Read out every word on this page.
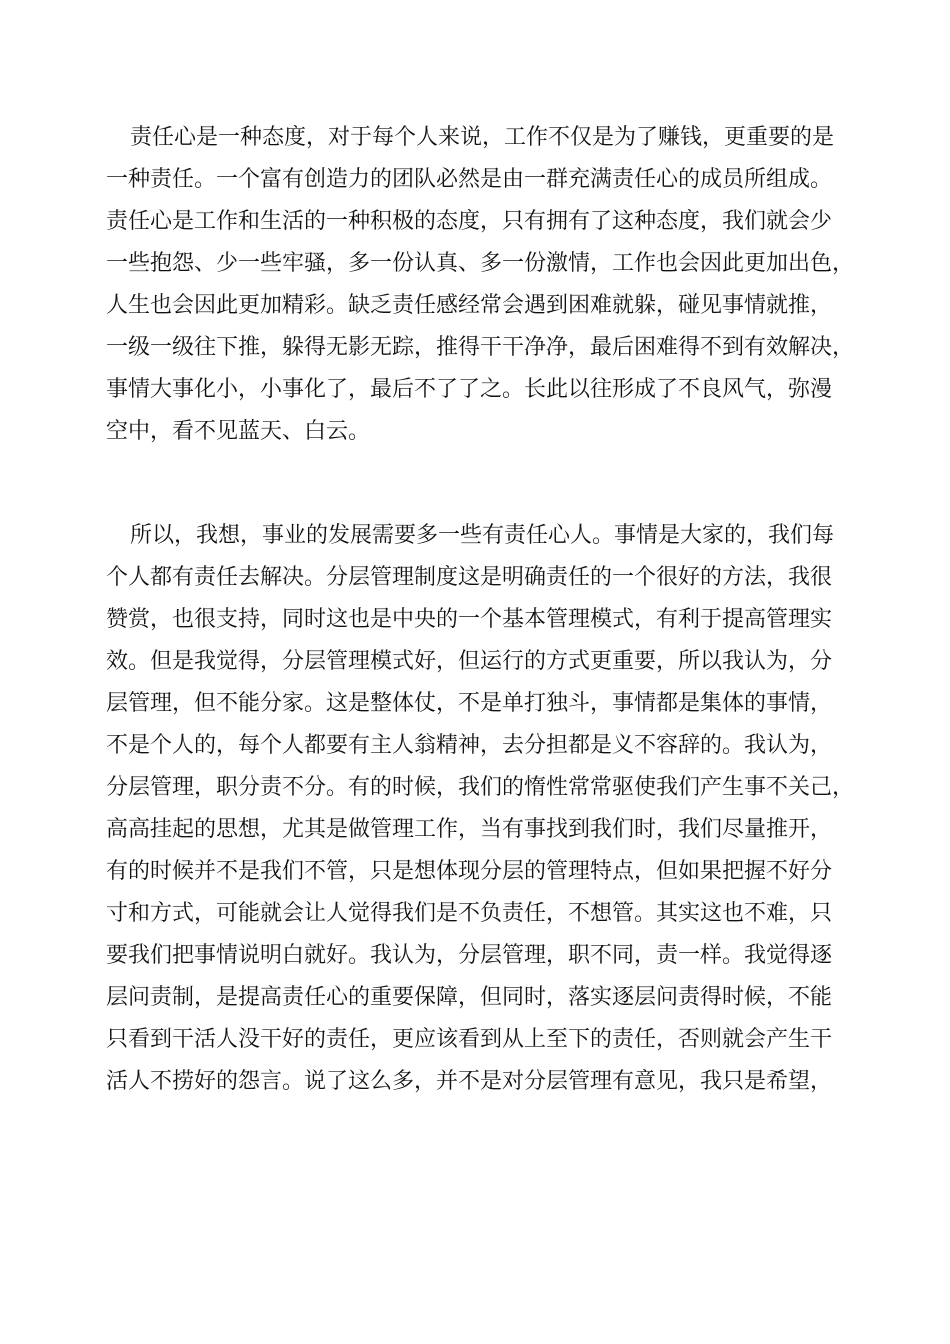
责任心是一种态度，对于每个人来说，工作不仅是为了赚钱，更重要的是
一种责任。一个富有创造力的团队必然是由一群充满责任心的成员所组成。
责任心是工作和生活的一种积极的态度，只有拥有了这种态度，我们就会少
一些抱怨、少一些牢骚，多一份认真、多一份激情，工作也会因此更加出色，
人生也会因此更加精彩。缺乏责任感经常会遇到困难就躲，碰见事情就推，
一级一级往下推，躲得无影无踪，推得干干净净，最后困难得不到有效解决，
事情大事化小，小事化了，最后不了了之。长此以往形成了不良风气，弥漫
空中，看不见蓝天、白云。
所以，我想，事业的发展需要多一些有责任心人。事情是大家的，我们每
个人都有责任去解决。分层管理制度这是明确责任的一个很好的方法，我很
赞赏，也很支持，同时这也是中央的一个基本管理模式，有利于提高管理实
效。但是我觉得，分层管理模式好，但运行的方式更重要，所以我认为，分
层管理，但不能分家。这是整体仗，不是单打独斗，事情都是集体的事情，
不是个人的，每个人都要有主人翁精神，去分担都是义不容辞的。我认为，
分层管理，职分责不分。有的时候，我们的惰性常常驱使我们产生事不关己，
高高挂起的思想，尤其是做管理工作，当有事找到我们时，我们尽量推开，
有的时候并不是我们不管，只是想体现分层的管理特点，但如果把握不好分
寸和方式，可能就会让人觉得我们是不负责任，不想管。其实这也不难，只
要我们把事情说明白就好。我认为，分层管理，职不同，责一样。我觉得逐
层问责制，是提高责任心的重要保障，但同时，落实逐层问责得时候，不能
只看到干活人没干好的责任，更应该看到从上至下的责任，否则就会产生干
活人不捞好的怨言。说了这么多，并不是对分层管理有意见，我只是希望，
